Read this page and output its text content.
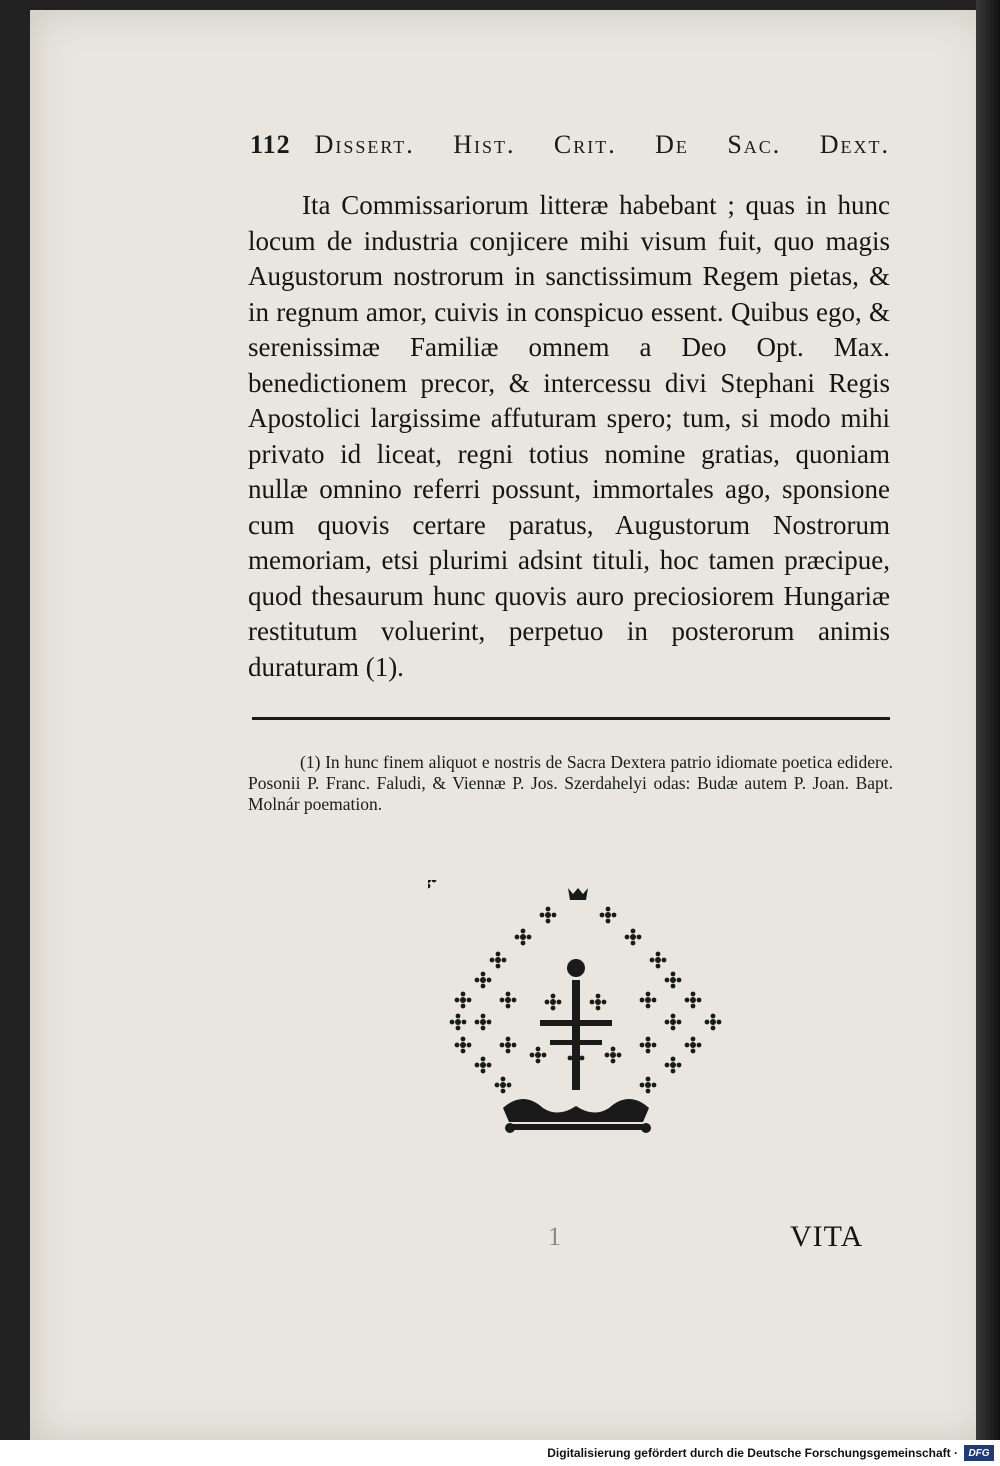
112 Dissert. Hist. Crit. De Sac. Dext.

Ita Commissariorum litteræ habebant ; quas in hunc locum de industria conjicere mihi visum fuit, quo magis Augustorum nostrorum in sanctissimum Regem pietas, & in regnum amor, cuivis in conspicuo essent. Quibus ego, & serenissimæ Familiæ omnem a Deo Opt. Max. benedictionem precor, & intercessu divi Stephani Regis Apostolici largissime affuturam spero; tum, si modo mihi privato id liceat, regni totius nomine gratias, quoniam nullæ omnino referri possunt, immortales ago, sponsione cum quovis certare paratus, Augustorum Nostrorum memoriam, etsi plurimi adsint tituli, hoc tamen præcipue, quod thesaurum hunc quovis auro preciosiorem Hungariæ restitutum voluerint, perpetuo in posterorum animis duraturam (1).

(1) In hunc finem aliquot e nostris de Sacra Dextera patrio idiomate poetica edidere. Posonii P. Franc. Faludi, & Viennæ P. Jos. Szerdahelyi odas: Budæ autem P. Joan. Bapt. Molnár poemation.

1	VITA
Digitalisierung gefördert durch die Deutsche Forschungsgemeinschaft ·	DFG
